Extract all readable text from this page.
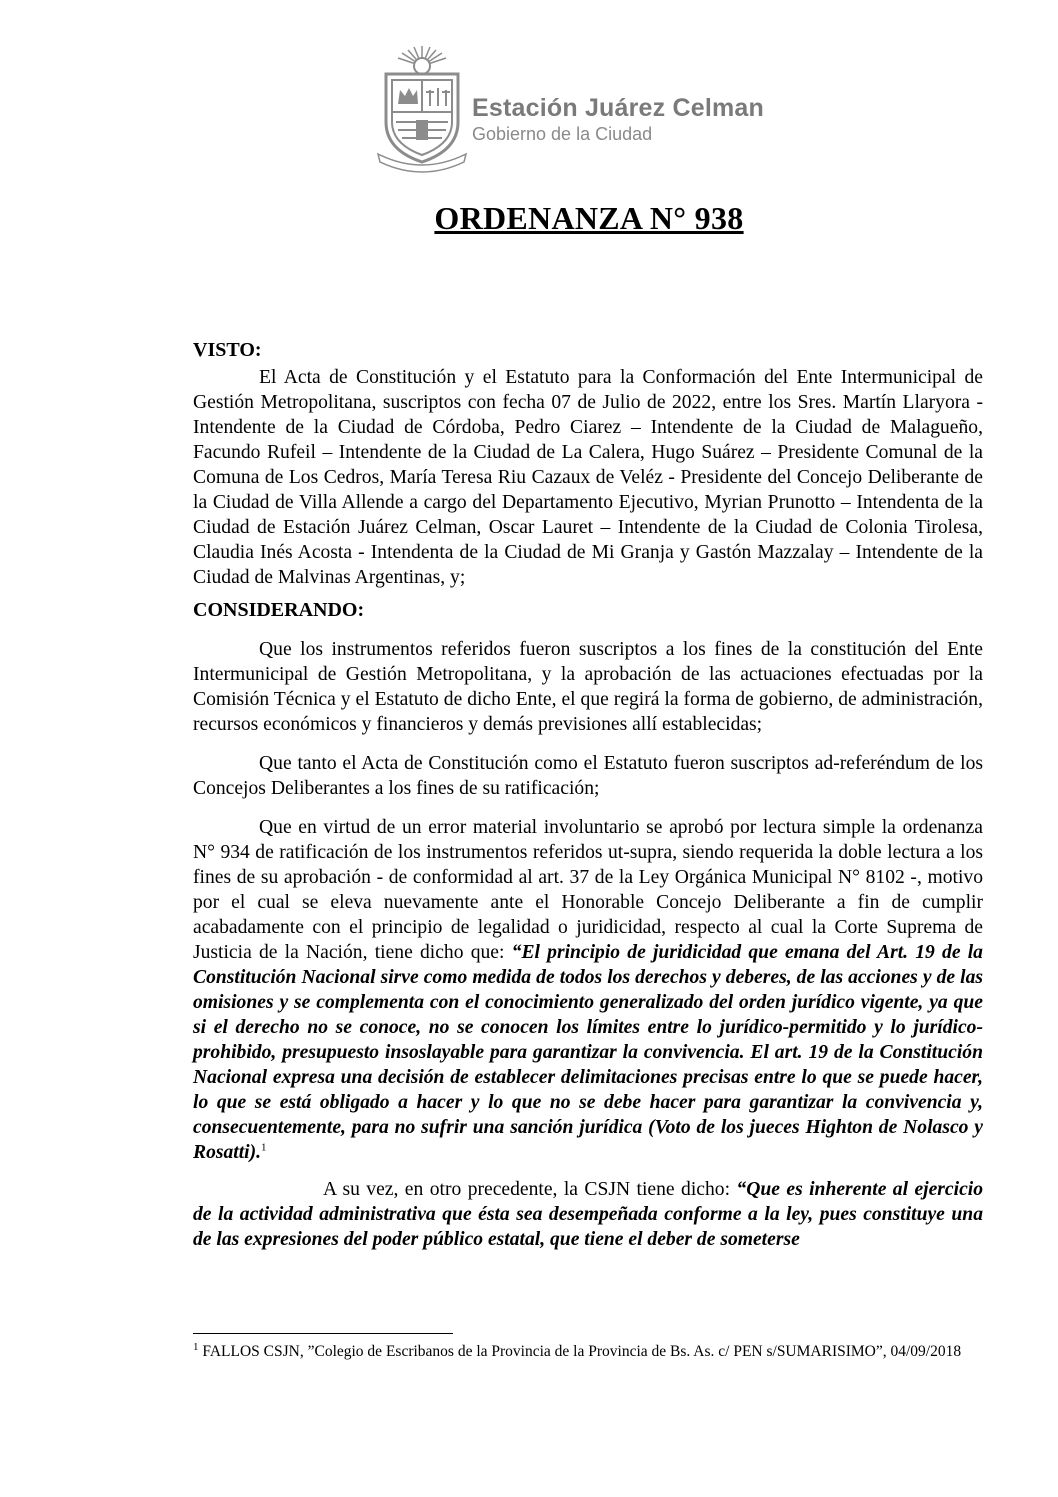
Estación Juárez Celman
Gobierno de la Ciudad
ORDENANZA N° 938
VISTO:
El Acta de Constitución y el Estatuto para la Conformación del Ente Intermunicipal de Gestión Metropolitana, suscriptos con fecha 07 de Julio de 2022, entre los Sres. Martín Llaryora - Intendente de la Ciudad de Córdoba, Pedro Ciarez – Intendente de la Ciudad de Malagueño, Facundo Rufeil – Intendente de la Ciudad de La Calera, Hugo Suárez – Presidente Comunal de la Comuna de Los Cedros, María Teresa Riu Cazaux de Veléz - Presidente del Concejo Deliberante de la Ciudad de Villa Allende a cargo del Departamento Ejecutivo, Myrian Prunotto – Intendenta de la Ciudad de Estación Juárez Celman, Oscar Lauret – Intendente de la Ciudad de Colonia Tirolesa, Claudia Inés Acosta - Intendenta de la Ciudad de Mi Granja y Gastón Mazzalay – Intendente de la Ciudad de Malvinas Argentinas, y;
CONSIDERANDO:
Que los instrumentos referidos fueron suscriptos a los fines de la constitución del Ente Intermunicipal de Gestión Metropolitana, y la aprobación de las actuaciones efectuadas por la Comisión Técnica y el Estatuto de dicho Ente, el que regirá la forma de gobierno, de administración, recursos económicos y financieros y demás previsiones allí establecidas;
Que tanto el Acta de Constitución como el Estatuto fueron suscriptos ad-referéndum de los Concejos Deliberantes a los fines de su ratificación;
Que en virtud de un error material involuntario se aprobó por lectura simple la ordenanza N° 934 de ratificación de los instrumentos referidos ut-supra, siendo requerida la doble lectura a los fines de su aprobación - de conformidad al art. 37 de la Ley Orgánica Municipal N° 8102 -, motivo por el cual se eleva nuevamente ante el Honorable Concejo Deliberante a fin de cumplir acabadamente con el principio de legalidad o juridicidad, respecto al cual la Corte Suprema de Justicia de la Nación, tiene dicho que: “El principio de juridicidad que emana del Art. 19 de la Constitución Nacional sirve como medida de todos los derechos y deberes, de las acciones y de las omisiones y se complementa con el conocimiento generalizado del orden jurídico vigente, ya que si el derecho no se conoce, no se conocen los límites entre lo jurídico-permitido y lo jurídico-prohibido, presupuesto insoslayable para garantizar la convivencia. El art. 19 de la Constitución Nacional expresa una decisión de establecer delimitaciones precisas entre lo que se puede hacer, lo que se está obligado a hacer y lo que no se debe hacer para garantizar la convivencia y, consecuentemente, para no sufrir una sanción jurídica (Voto de los jueces Highton de Nolasco y Rosatti).$^1$
A su vez, en otro precedente, la CSJN tiene dicho: “Que es inherente al ejercicio de la actividad administrativa que ésta sea desempeñada conforme a la ley, pues constituye una de las expresiones del poder público estatal, que tiene el deber de someterse
$^1$ FALLOS CSJN, ”Colegio de Escribanos de la Provincia de la Provincia de Bs. As. c/ PEN s/SUMARISIMO”, 04/09/2018
